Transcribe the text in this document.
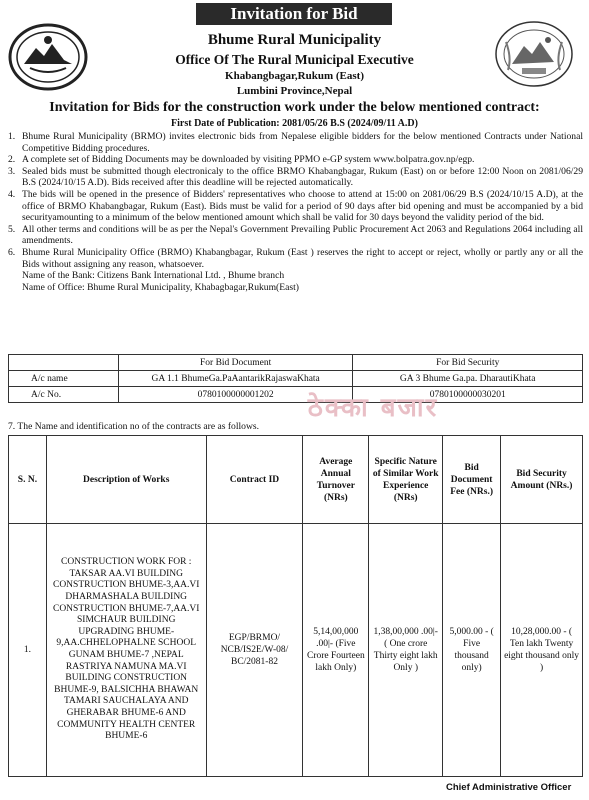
Invitation for Bid
Bhume Rural Municipality
Office Of The Rural Municipal Executive
Khabangbagar,Rukum (East)
Lumbini Province,Nepal
Invitation for Bids for the construction work under the below mentioned contract:
First Date of Publication: 2081/05/26 B.S (2024/09/11 A.D)

1. Bhume Rural Municipality (BRMO) invites electronic bids from Nepalese eligible bidders for the below mentioned Contracts under National Competitive Bidding procedures.

2. A complete set of Bidding Documents may be downloaded by visiting PPMO e-GP system www.bolpatra.gov.np/egp.

3. Sealed bids must be submitted though electronicaly to the office BRMO Khabangbagar, Rukum (East) on or before 12:00 Noon on 2081/06/29 B.S (2024/10/15 A.D). Bids received after this deadline will be rejected automatically.

4. The bids will be opened in the presence of Bidders' representatives who choose to attend at 15:00 on 2081/06/29 B.S (2024/10/15 A.D), at the office of BRMO Khabangbagar, Rukum (East). Bids must be valid for a period of 90 days after bid opening and must be accompanied by a bid securityamounting to a minimum of the below mentioned amount which shall be valid for 30 days beyond the validity period of the bid.

5. All other terms and conditions will be as per the Nepal's Government Prevailing Public Procurement Act 2063 and Regulations 2064 including all amendments.

6. Bhume Rural Municipality Office (BRMO) Khabangbagar, Rukum (East ) reserves the right to accept or reject, wholly or partly any or all the Bids without assigning any reason, whatsoever.

Name of the Bank: Citizens Bank International Ltd. , Bhume branch
Name of Office: Bhume Rural Municipality, Khabagbagar,Rukum(East)
	For Bid Document	For Bid Security
A/c name	GA 1.1 BhumeGa.PaAantarikRajaswaKhata	GA 3 Bhume Ga.pa. DharautiKhata
A/c No.	0780100000001202	0780100000030201
ठेक्का बजार
7. The Name and identification no of the contracts are as follows.
S. N.	Description of Works	Contract ID	Average Annual Turnover (NRs)	Specific Nature of Similar Work Experience (NRs)	Bid Document Fee (NRs.)	Bid Security Amount (NRs.)
1.	CONSTRUCTION WORK FOR : TAKSAR AA.VI BUILDING CONSTRUCTION BHUME-3,AA.VI DHARMASHALA BUILDING CONSTRUCTION BHUME-7,AA.VI SIMCHAUR BUILDING UPGRADING BHUME-9,AA.CHHELOPHALNE SCHOOL GUNAM BHUME-7 ,NEPAL RASTRIYA NAMUNA MA.VI BUILDING CONSTRUCTION BHUME-9, BALSICHHA BHAWAN TAMARI SAUCHALAYA AND GHERABAR BHUME-6 AND COMMUNITY HEALTH CENTER BHUME-6	EGP/BRMO/ NCB/IS2E/W-08/ BC/2081-82	5,14,00,000 .00|- (Five Crore Fourteen lakh Only)	1,38,00,000 .00|- ( One crore Thirty eight lakh Only )	5,000.00 - ( Five thousand only)	10,28,000.00 - ( Ten lakh Twenty eight thousand only )
Chief Administrative Officer
